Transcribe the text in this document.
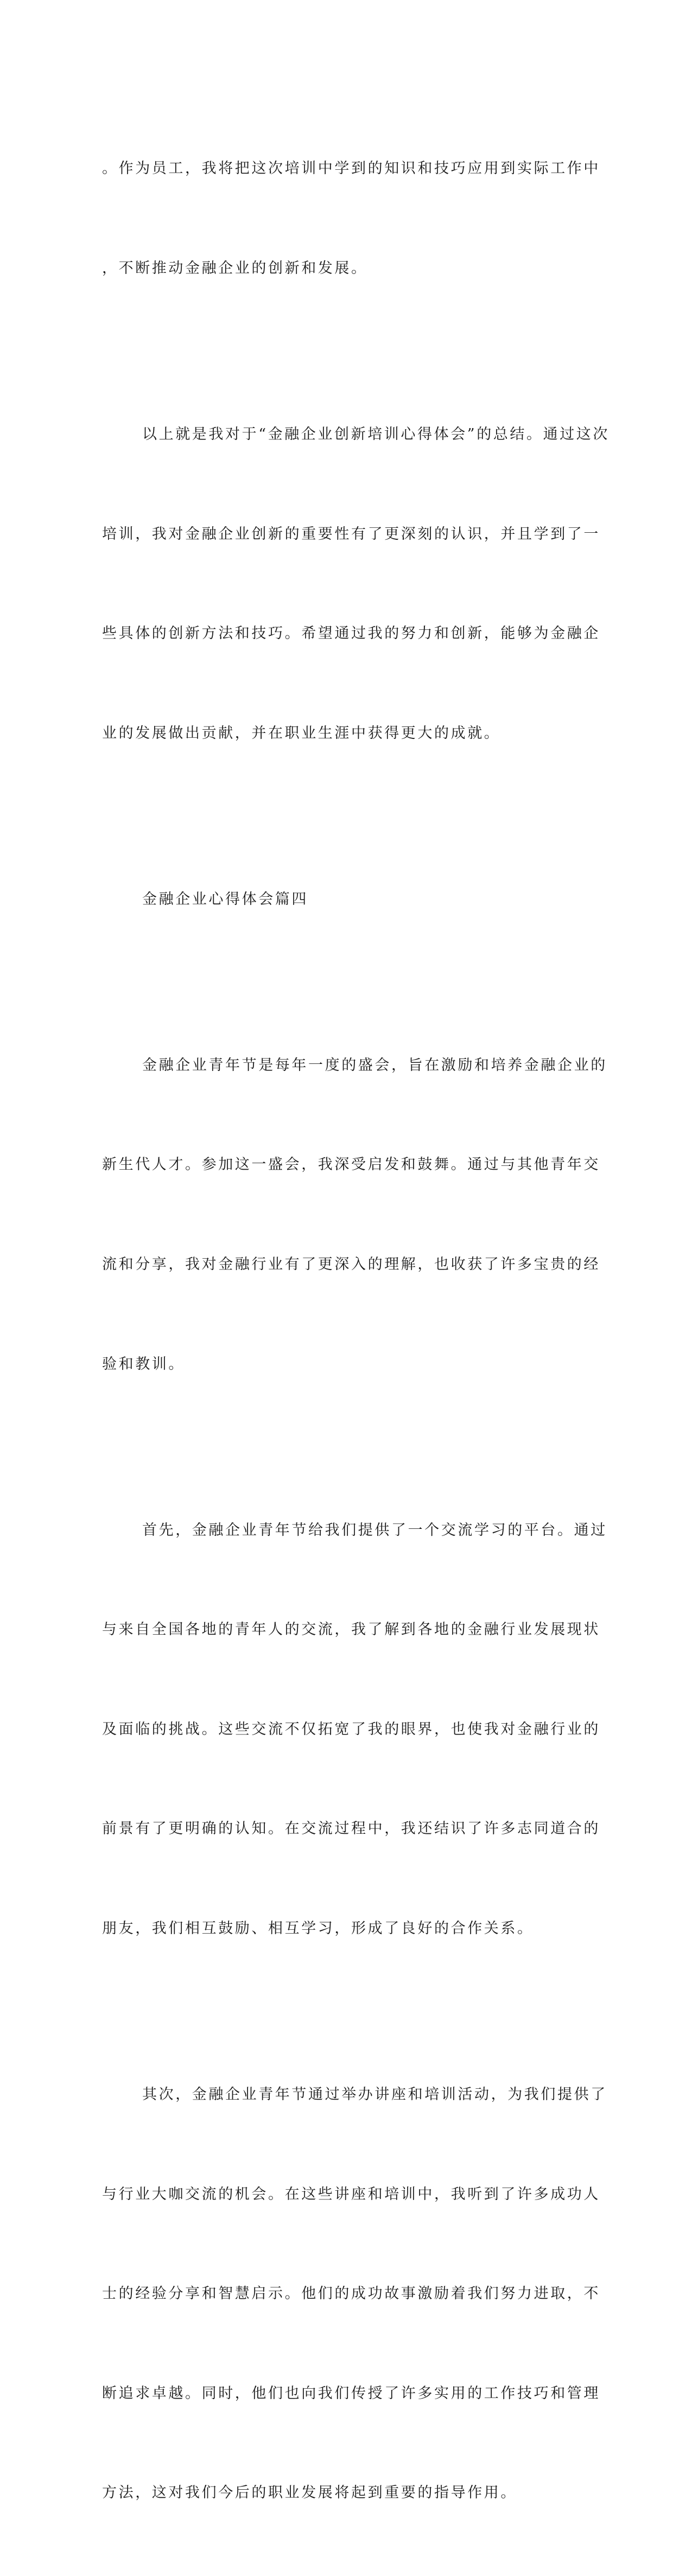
。作为员工，我将把这次培训中学到的知识和技巧应用到实际工作中

，不断推动金融企业的创新和发展。

以上就是我对于“金融企业创新培训心得体会”的总结。通过这次

培训，我对金融企业创新的重要性有了更深刻的认识，并且学到了一

些具体的创新方法和技巧。希望通过我的努力和创新，能够为金融企

业的发展做出贡献，并在职业生涯中获得更大的成就。

金融企业心得体会篇四

金融企业青年节是每年一度的盛会，旨在激励和培养金融企业的

新生代人才。参加这一盛会，我深受启发和鼓舞。通过与其他青年交

流和分享，我对金融行业有了更深入的理解，也收获了许多宝贵的经

验和教训。

首先，金融企业青年节给我们提供了一个交流学习的平台。通过

与来自全国各地的青年人的交流，我了解到各地的金融行业发展现状

及面临的挑战。这些交流不仅拓宽了我的眼界，也使我对金融行业的

前景有了更明确的认知。在交流过程中，我还结识了许多志同道合的

朋友，我们相互鼓励、相互学习，形成了良好的合作关系。

其次，金融企业青年节通过举办讲座和培训活动，为我们提供了

与行业大咖交流的机会。在这些讲座和培训中，我听到了许多成功人

士的经验分享和智慧启示。他们的成功故事激励着我们努力进取，不

断追求卓越。同时，他们也向我们传授了许多实用的工作技巧和管理

方法，这对我们今后的职业发展将起到重要的指导作用。
